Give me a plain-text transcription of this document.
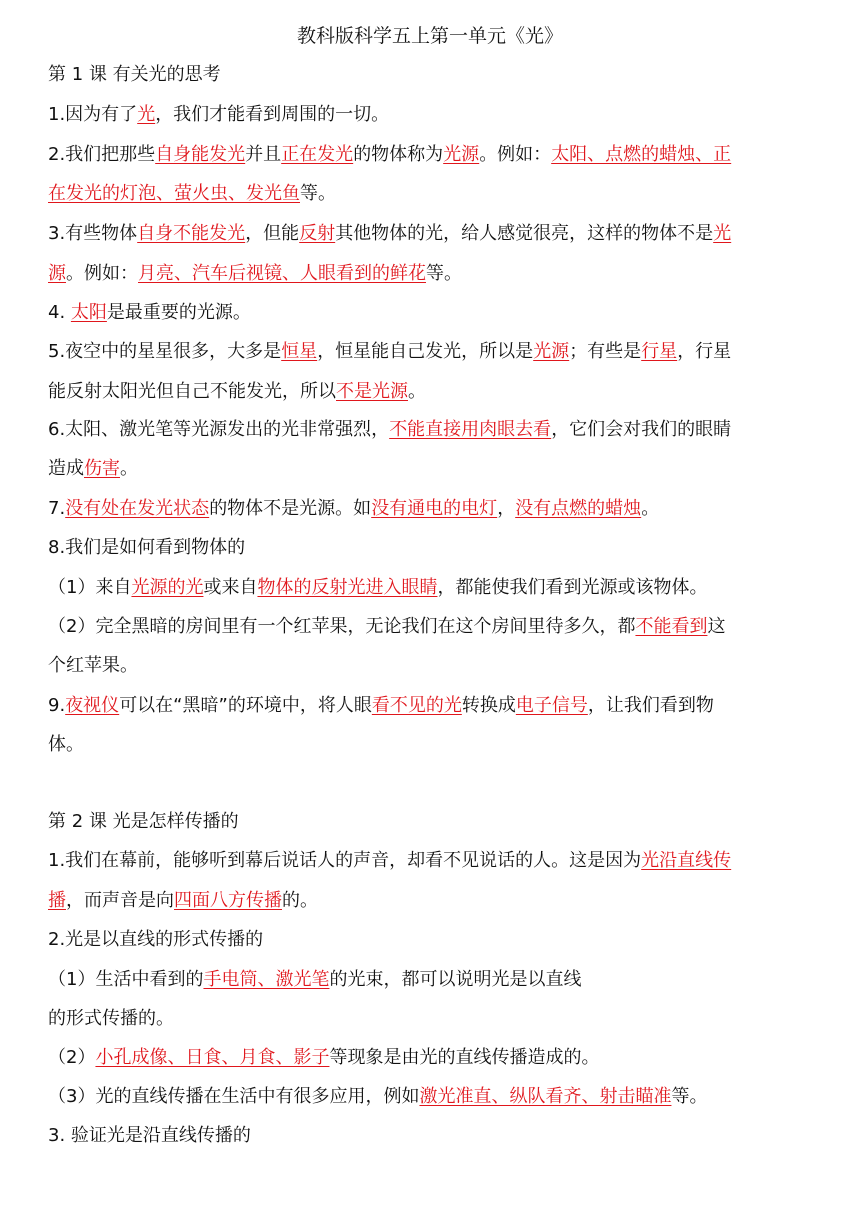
教科版科学五上第一单元《光》
第 1 课 有关光的思考
1.因为有了光，我们才能看到周围的一切。
2.我们把那些自身能发光并且正在发光的物体称为光源。例如：太阳、点燃的蜡烛、正
在发光的灯泡、萤火虫、发光鱼等。
3.有些物体自身不能发光，但能反射其他物体的光，给人感觉很亮，这样的物体不是光
源。例如：月亮、汽车后视镜、人眼看到的鲜花等。
4. 太阳是最重要的光源。
5.夜空中的星星很多，大多是恒星，恒星能自己发光，所以是光源；有些是行星，行星
能反射太阳光但自己不能发光，所以不是光源。
6.太阳、激光笔等光源发出的光非常强烈，不能直接用肉眼去看，它们会对我们的眼睛
造成伤害。
7.没有处在发光状态的物体不是光源。如没有通电的电灯，没有点燃的蜡烛。
8.我们是如何看到物体的
（1）来自光源的光或来自物体的反射光进入眼睛，都能使我们看到光源或该物体。
（2）完全黑暗的房间里有一个红苹果，无论我们在这个房间里待多久，都不能看到这
个红苹果。
9.夜视仪可以在“黑暗”的环境中，将人眼看不见的光转换成电子信号，让我们看到物
体。
第 2 课 光是怎样传播的
1.我们在幕前，能够听到幕后说话人的声音，却看不见说话的人。这是因为光沿直线传
播，而声音是向四面八方传播的。
2.光是以直线的形式传播的
（1）生活中看到的手电筒、激光笔的光束，都可以说明光是以直线
的形式传播的。
（2）小孔成像、日食、月食、影子等现象是由光的直线传播造成的。
（3）光的直线传播在生活中有很多应用，例如激光准直、纵队看齐、射击瞄准等。
3. 验证光是沿直线传播的
